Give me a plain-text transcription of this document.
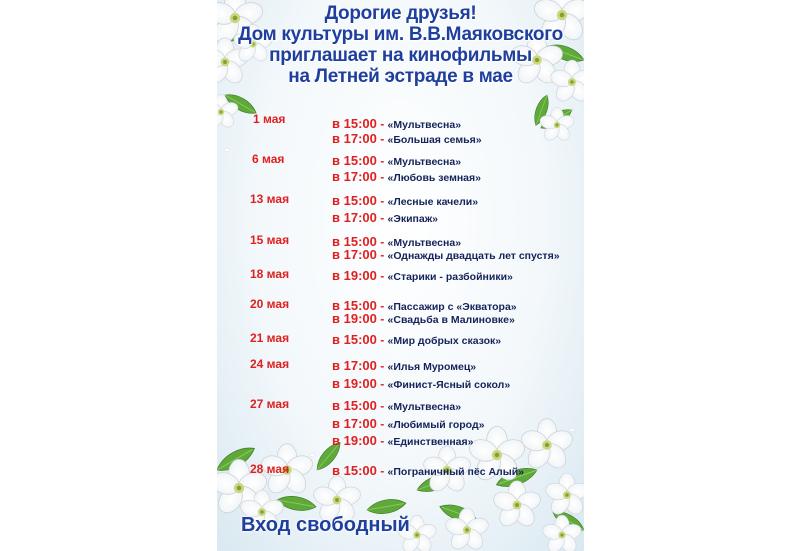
Дорогие друзья!
Дом культуры им. В.В.Маяковского
приглашает на кинофильмы
на Летней эстраде в мае
1 мая
6 мая
13 мая
15 мая
18 мая
20 мая
21 мая
24 мая
27 мая
28 мая
в 15:00 - «Мультвесна»
в 17:00 - «Большая семья»
в 15:00 - «Мультвесна»
в 17:00 - «Любовь земная»
в 15:00 - «Лесные качели»
в 17:00 - «Экипаж»
в 15:00 - «Мультвесна»
в 17:00 - «Однажды двадцать лет спустя»
в 19:00 - «Старики - разбойники»
в 15:00 - «Пассажир с «Экватора»
в 19:00 - «Свадьба в Малиновке»
в 15:00 - «Мир добрых сказок»
в 17:00 - «Илья Муромец»
в 19:00 - «Финист-Ясный сокол»
в 15:00 - «Мультвесна»
в 17:00 - «Любимый город»
в 19:00 - «Единственная»
в 15:00 - «Пограничный пёс Алый»
Вход свободный
